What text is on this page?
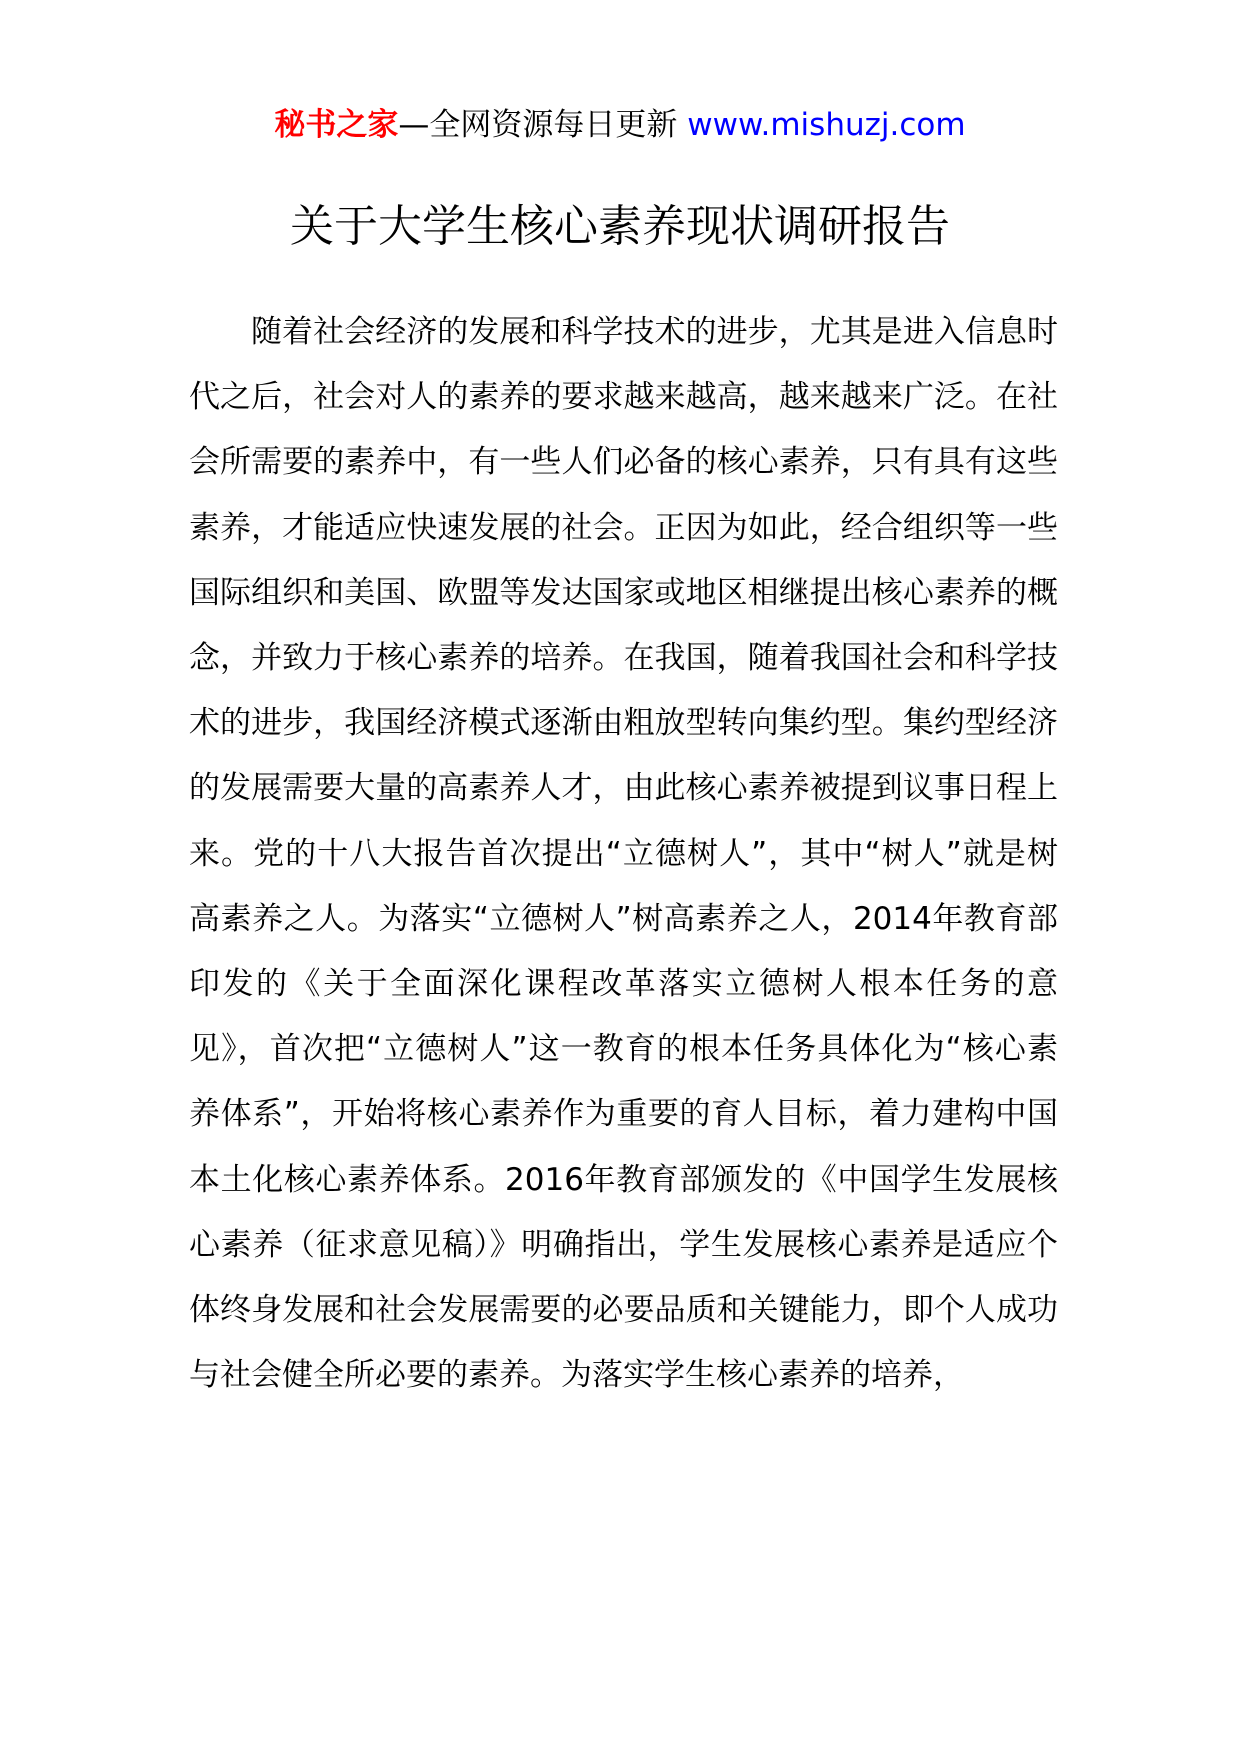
秘书之家—全网资源每日更新 www.mishuzj.com
关于大学生核心素养现状调研报告

随着社会经济的发展和科学技术的进步，尤其是进入信息时代之后，社会对人的素养的要求越来越高，越来越来广泛。在社会所需要的素养中，有一些人们必备的核心素养，只有具有这些素养，才能适应快速发展的社会。正因为如此，经合组织等一些国际组织和美国、欧盟等发达国家或地区相继提出核心素养的概念，并致力于核心素养的培养。在我国，随着我国社会和科学技术的进步，我国经济模式逐渐由粗放型转向集约型。集约型经济的发展需要大量的高素养人才，由此核心素养被提到议事日程上来。党的十八大报告首次提出“立德树人”，其中“树人”就是树高素养之人。为落实“立德树人”树高素养之人，2014年教育部印发的《关于全面深化课程改革落实立德树人根本任务的意见》，首次把“立德树人”这一教育的根本任务具体化为“核心素养体系”，开始将核心素养作为重要的育人目标，着力建构中国本土化核心素养体系。2016年教育部颁发的《中国学生发展核心素养（征求意见稿）》明确指出，学生发展核心素养是适应个体终身发展和社会发展需要的必要品质和关键能力，即个人成功与社会健全所必要的素养。为落实学生核心素养的培养，
